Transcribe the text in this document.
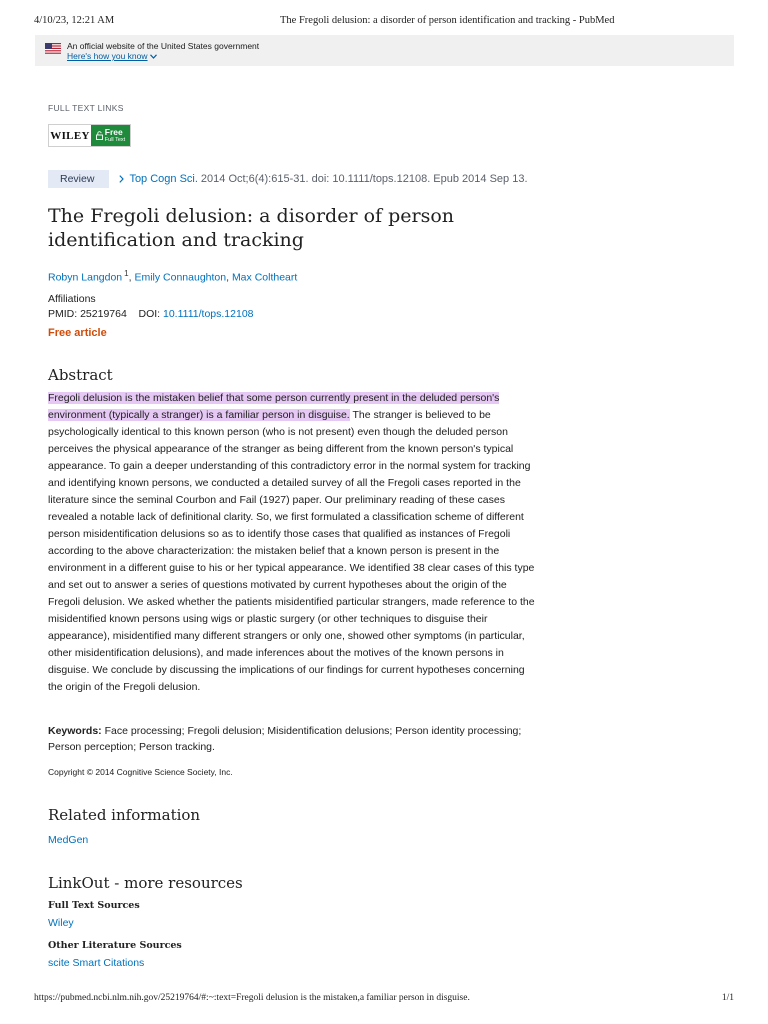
4/10/23, 12:21 AM	The Fregoli delusion: a disorder of person identification and tracking - PubMed
An official website of the United States government
Here's how you know
FULL TEXT LINKS
WILEY Free
Full Text
Review	Top Cogn Sci. 2014 Oct;6(4):615-31. doi: 10.1111/tops.12108. Epub 2014 Sep 13.
The Fregoli delusion: a disorder of person identification and tracking
Robyn Langdon $^1$, Emily Connaughton, Max Coltheart
Affiliations
PMID: 25219764 DOI: 10.1111/tops.12108
Free article
Abstract

Fregoli delusion is the mistaken belief that some person currently present in the deluded person's environment (typically a stranger) is a familiar person in disguise. The stranger is believed to be psychologically identical to this known person (who is not present) even though the deluded person perceives the physical appearance of the stranger as being different from the known person's typical appearance. To gain a deeper understanding of this contradictory error in the normal system for tracking and identifying known persons, we conducted a detailed survey of all the Fregoli cases reported in the literature since the seminal Courbon and Fail (1927) paper. Our preliminary reading of these cases revealed a notable lack of definitional clarity. So, we first formulated a classification scheme of different person misidentification delusions so as to identify those cases that qualified as instances of Fregoli according to the above characterization: the mistaken belief that a known person is present in the environment in a different guise to his or her typical appearance. We identified 38 clear cases of this type and set out to answer a series of questions motivated by current hypotheses about the origin of the Fregoli delusion. We asked whether the patients misidentified particular strangers, made reference to the misidentified known persons using wigs or plastic surgery (or other techniques to disguise their appearance), misidentified many different strangers or only one, showed other symptoms (in particular, other misidentification delusions), and made inferences about the motives of the known persons in disguise. We conclude by discussing the implications of our findings for current hypotheses concerning the origin of the Fregoli delusion.

Keywords: Face processing; Fregoli delusion; Misidentification delusions; Person identity processing; Person perception; Person tracking.

Copyright © 2014 Cognitive Science Society, Inc.
Related information
MedGen
LinkOut - more resources
Full Text Sources
Wiley
Other Literature Sources
scite Smart Citations
https://pubmed.ncbi.nlm.nih.gov/25219764/#:~:text=Fregoli delusion is the mistaken,a familiar person in disguise.	1/1
